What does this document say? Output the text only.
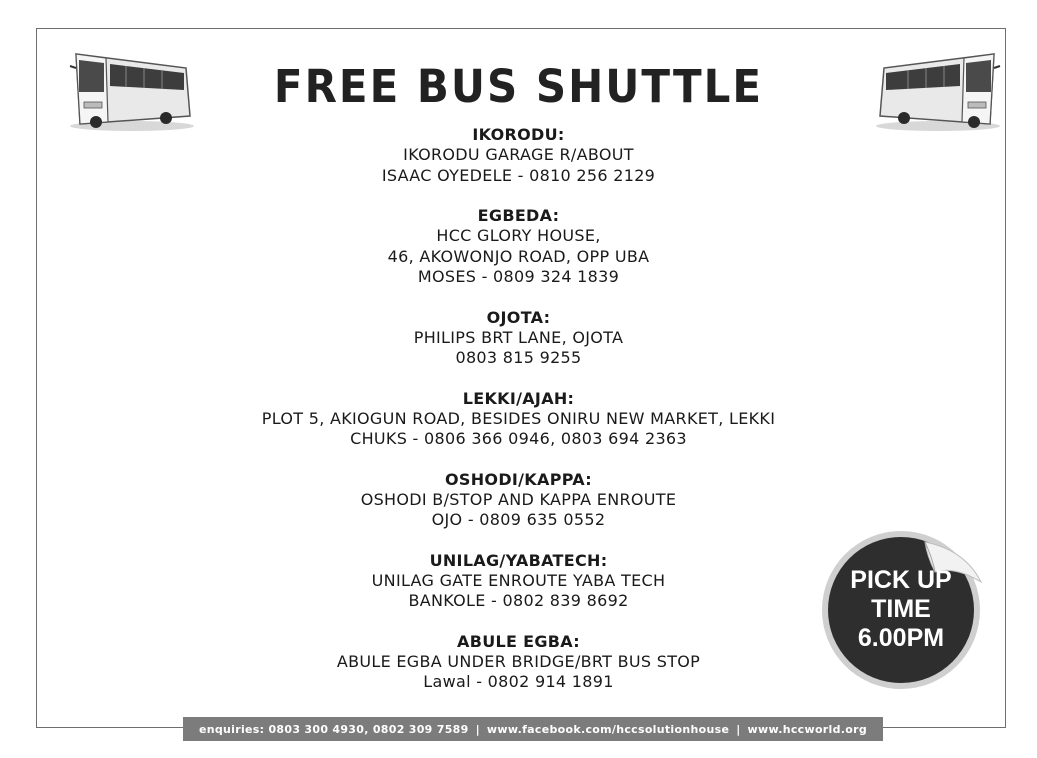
FREE BUS SHUTTLE
IKORODU:
IKORODU GARAGE R/ABOUT
ISAAC OYEDELE - 0810 256 2129
EGBEDA:
HCC GLORY HOUSE,
46, AKOWONJO ROAD, OPP UBA
MOSES - 0809 324 1839
OJOTA:
PHILIPS BRT LANE, OJOTA
0803 815 9255
LEKKI/AJAH:
PLOT 5, AKIOGUN ROAD, BESIDES ONIRU NEW MARKET, LEKKI
CHUKS - 0806 366 0946, 0803 694 2363
OSHODI/KAPPA:
OSHODI B/STOP AND KAPPA ENROUTE
OJO - 0809 635 0552
UNILAG/YABATECH:
UNILAG GATE ENROUTE YABA TECH
BANKOLE - 0802 839 8692
ABULE EGBA:
ABULE EGBA UNDER BRIDGE/BRT BUS STOP
Lawal - 0802 914 1891
PICK UP
TIME
6.00PM
enquiries: 0803 300 4930, 0802 309 7589 | www.facebook.com/hccsolutionhouse | www.hccworld.org
